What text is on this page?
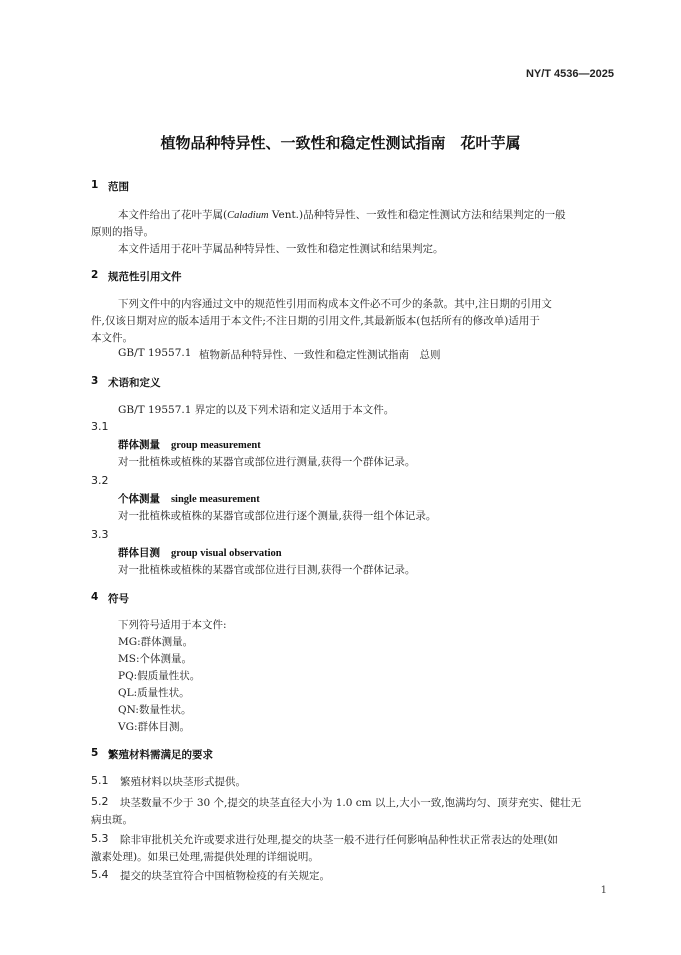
NY/T 4536—2025
植物品种特异性、一致性和稳定性测试指南　花叶芋属
1 范围
本文件给出了花叶芋属(Caladium Vent.)品种特异性、一致性和稳定性测试方法和结果判定的一般
原则的指导。
本文件适用于花叶芋属品种特异性、一致性和稳定性测试和结果判定。
2 规范性引用文件
下列文件中的内容通过文中的规范性引用而构成本文件必不可少的条款。其中,注日期的引用文
件,仅该日期对应的版本适用于本文件;不注日期的引用文件,其最新版本(包括所有的修改单)适用于
本文件。
GB/T 19557.1 植物新品种特异性、一致性和稳定性测试指南　总则
3 术语和定义
GB/T 19557.1 界定的以及下列术语和定义适用于本文件。
3.1
群体测量 group measurement
对一批植株或植株的某器官或部位进行测量,获得一个群体记录。
3.2
个体测量 single measurement
对一批植株或植株的某器官或部位进行逐个测量,获得一组个体记录。
3.3
群体目测 group visual observation
对一批植株或植株的某器官或部位进行目测,获得一个群体记录。
4 符号
下列符号适用于本文件:
MG:群体测量。
MS:个体测量。
PQ:假质量性状。
QL:质量性状。
QN:数量性状。
VG:群体目测。
5 繁殖材料需满足的要求
5.1 繁殖材料以块茎形式提供。
5.2 块茎数量不少于 30 个,提交的块茎直径大小为 1.0 cm 以上,大小一致,饱满均匀、顶芽充实、健壮无
病虫斑。
5.3 除非审批机关允许或要求进行处理,提交的块茎一般不进行任何影响品种性状正常表达的处理(如
激素处理)。如果已处理,需提供处理的详细说明。
5.4 提交的块茎宜符合中国植物检疫的有关规定。
1
